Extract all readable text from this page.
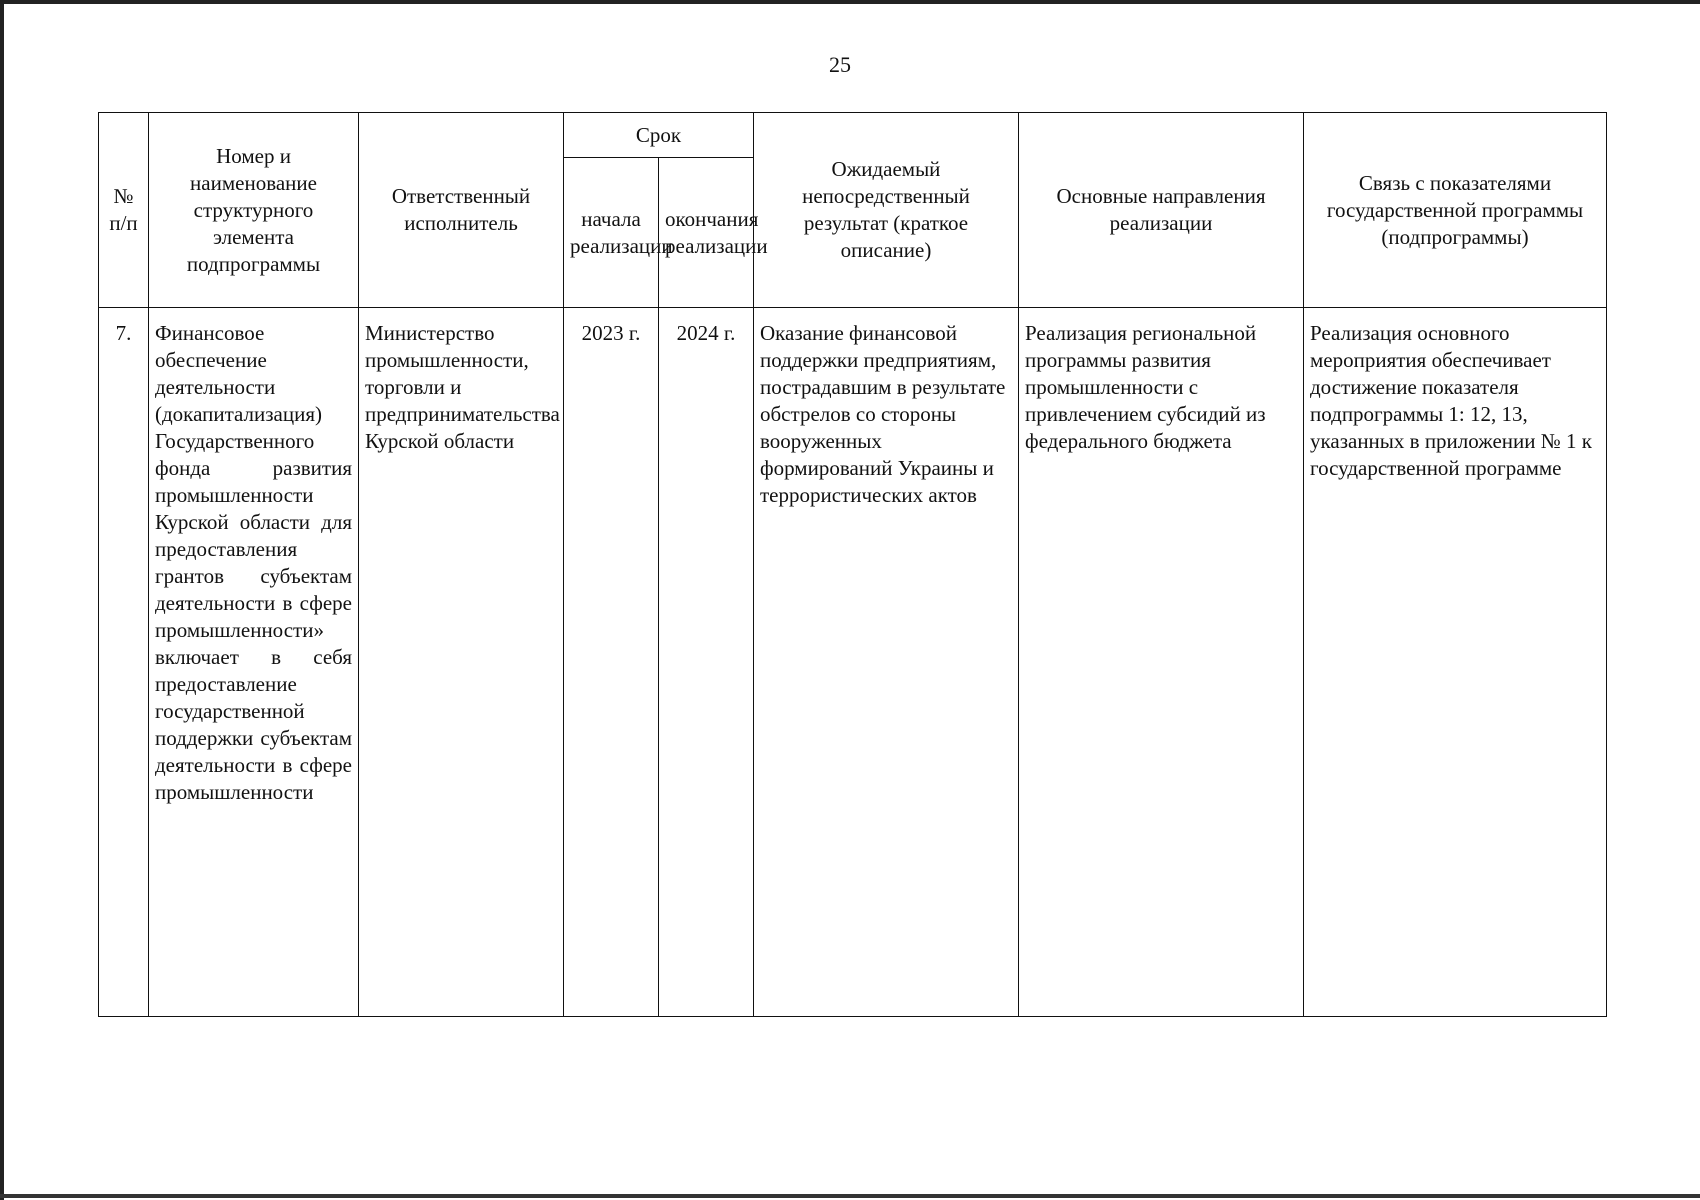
25
№ п/п	Номер и наименование структурного элемента подпрограммы	Ответственный исполнитель	Срок		Ожидаемый непосредственный результат (краткое описание)	Основные направления реализации	Связь с показателями государственной программы (подпрограммы)
			начала реализации	окончания реализации			
7.	Финансовое обеспечение деятельности (докапитализация) Государственного фонда развития промышленности Курской области для предоставления грантов субъектам деятельности в сфере промышленности» включает в себя предоставление государственной поддержки субъектам деятельности в сфере промышленности	Министерство промышленности, торговли и предпринимательства Курской области	2023 г.	2024 г.	Оказание финансовой поддержки предприятиям, пострадавшим в результате обстрелов со стороны вооруженных формирований Украины и террористических актов	Реализация региональной программы развития промышленности с привлечением субсидий из федерального бюджета	Реализация основного мероприятия обеспечивает достижение показателя подпрограммы 1: 12, 13, указанных в приложении № 1 к государственной программе
